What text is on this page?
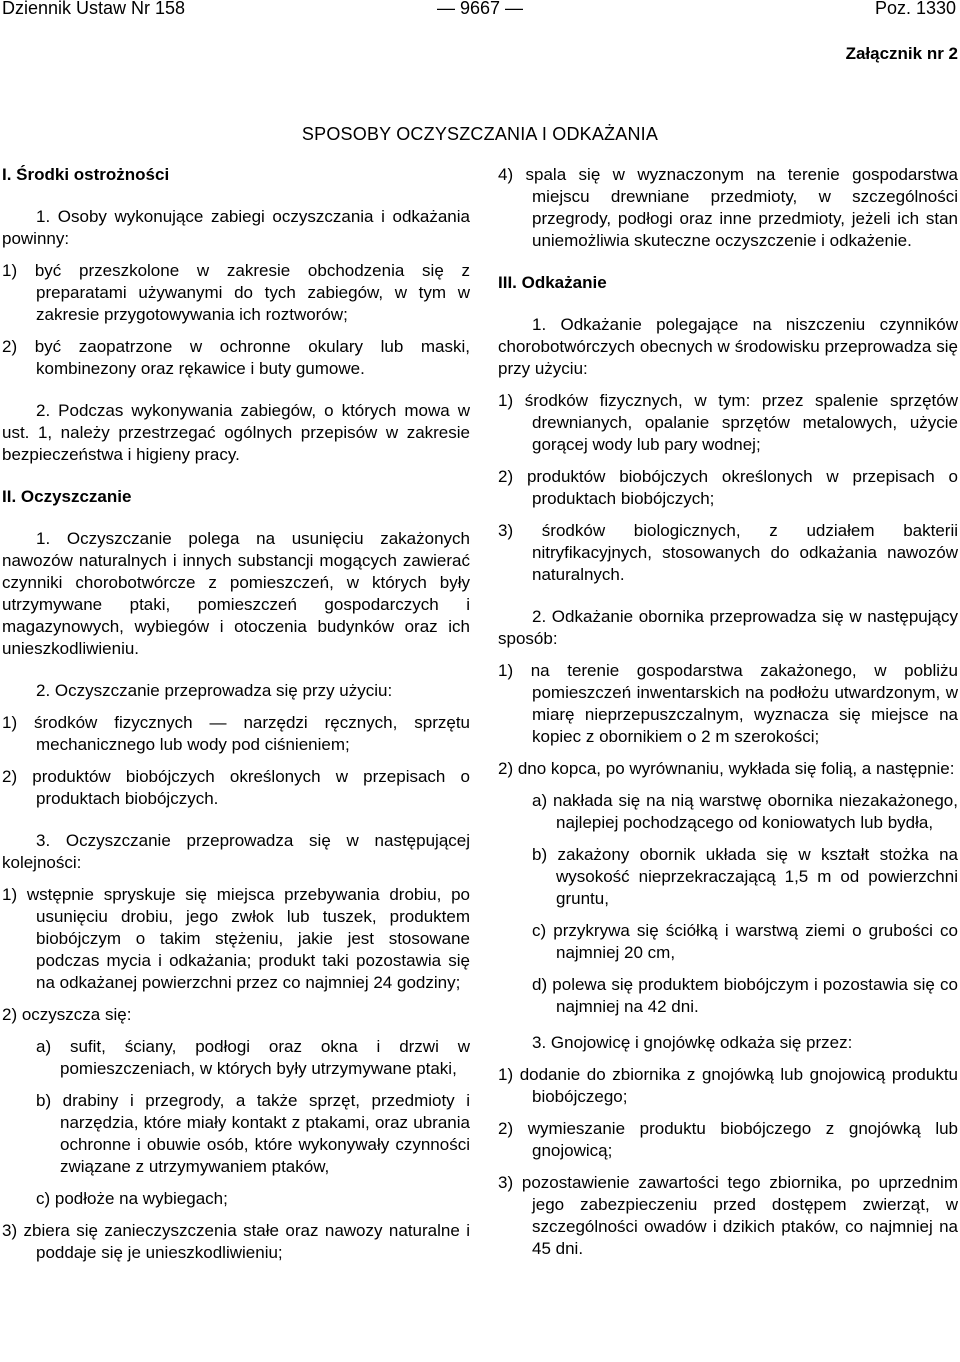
Dziennik Ustaw Nr 158	— 9667 —	Poz. 1330
Załącznik nr 2
SPOSOBY OCZYSZCZANIA I ODKAŻANIA

I. Środki ostrożności

1. Osoby wykonujące zabiegi oczyszczania i odkażania powinny:

1) być przeszkolone w zakresie obchodzenia się z preparatami używanymi do tych zabiegów, w tym w zakresie przygotowywania ich roztworów;

2) być zaopatrzone w ochronne okulary lub maski, kombinezony oraz rękawice i buty gumowe.

2. Podczas wykonywania zabiegów, o których mowa w ust. 1, należy przestrzegać ogólnych przepisów w zakresie bezpieczeństwa i higieny pracy.

II. Oczyszczanie

1. Oczyszczanie polega na usunięciu zakażonych nawozów naturalnych i innych substancji mogących zawierać czynniki chorobotwórcze z pomieszczeń, w których były utrzymywane ptaki, pomieszczeń gospodarczych i magazynowych, wybiegów i otoczenia budynków oraz ich unieszkodliwieniu.

2. Oczyszczanie przeprowadza się przy użyciu:

1) środków fizycznych — narzędzi ręcznych, sprzętu mechanicznego lub wody pod ciśnieniem;

2) produktów biobójczych określonych w przepisach o produktach biobójczych.

3. Oczyszczanie przeprowadza się w następującej kolejności:

1) wstępnie spryskuje się miejsca przebywania drobiu, po usunięciu drobiu, jego zwłok lub tuszek, produktem biobójczym o takim stężeniu, jakie jest stosowane podczas mycia i odkażania; produkt taki pozostawia się na odkażanej powierzchni przez co najmniej 24 godziny;

2) oczyszcza się:

a) sufit, ściany, podłogi oraz okna i drzwi w pomieszczeniach, w których były utrzymywane ptaki,

b) drabiny i przegrody, a także sprzęt, przedmioty i narzędzia, które miały kontakt z ptakami, oraz ubrania ochronne i obuwie osób, które wykonywały czynności związane z utrzymywaniem ptaków,

c) podłoże na wybiegach;

3) zbiera się zanieczyszczenia stałe oraz nawozy naturalne i poddaje się je unieszkodliwieniu;

4) spala się w wyznaczonym na terenie gospodarstwa miejscu drewniane przedmioty, w szczególności przegrody, podłogi oraz inne przedmioty, jeżeli ich stan uniemożliwia skuteczne oczyszczenie i odkażenie.

III. Odkażanie

1. Odkażanie polegające na niszczeniu czynników chorobotwórczych obecnych w środowisku przeprowadza się przy użyciu:

1) środków fizycznych, w tym: przez spalenie sprzętów drewnianych, opalanie sprzętów metalowych, użycie gorącej wody lub pary wodnej;

2) produktów biobójczych określonych w przepisach o produktach biobójczych;

3) środków biologicznych, z udziałem bakterii nitryfikacyjnych, stosowanych do odkażania nawozów naturalnych.

2. Odkażanie obornika przeprowadza się w następujący sposób:

1) na terenie gospodarstwa zakażonego, w pobliżu pomieszczeń inwentarskich na podłożu utwardzonym, w miarę nieprzepuszczalnym, wyznacza się miejsce na kopiec z obornikiem o 2 m szerokości;

2) dno kopca, po wyrównaniu, wykłada się folią, a następnie:

a) nakłada się na nią warstwę obornika niezakażonego, najlepiej pochodzącego od koniowatych lub bydła,

b) zakażony obornik układa się w kształt stożka na wysokość nieprzekraczającą 1,5 m od powierzchni gruntu,

c) przykrywa się ściółką i warstwą ziemi o grubości co najmniej 20 cm,

d) polewa się produktem biobójczym i pozostawia się co najmniej na 42 dni.

3. Gnojowicę i gnojówkę odkaża się przez:

1) dodanie do zbiornika z gnojówką lub gnojowicą produktu biobójczego;

2) wymieszanie produktu biobójczego z gnojówką lub gnojowicą;

3) pozostawienie zawartości tego zbiornika, po uprzednim jego zabezpieczeniu przed dostępem zwierząt, w szczególności owadów i dzikich ptaków, co najmniej na 45 dni.
